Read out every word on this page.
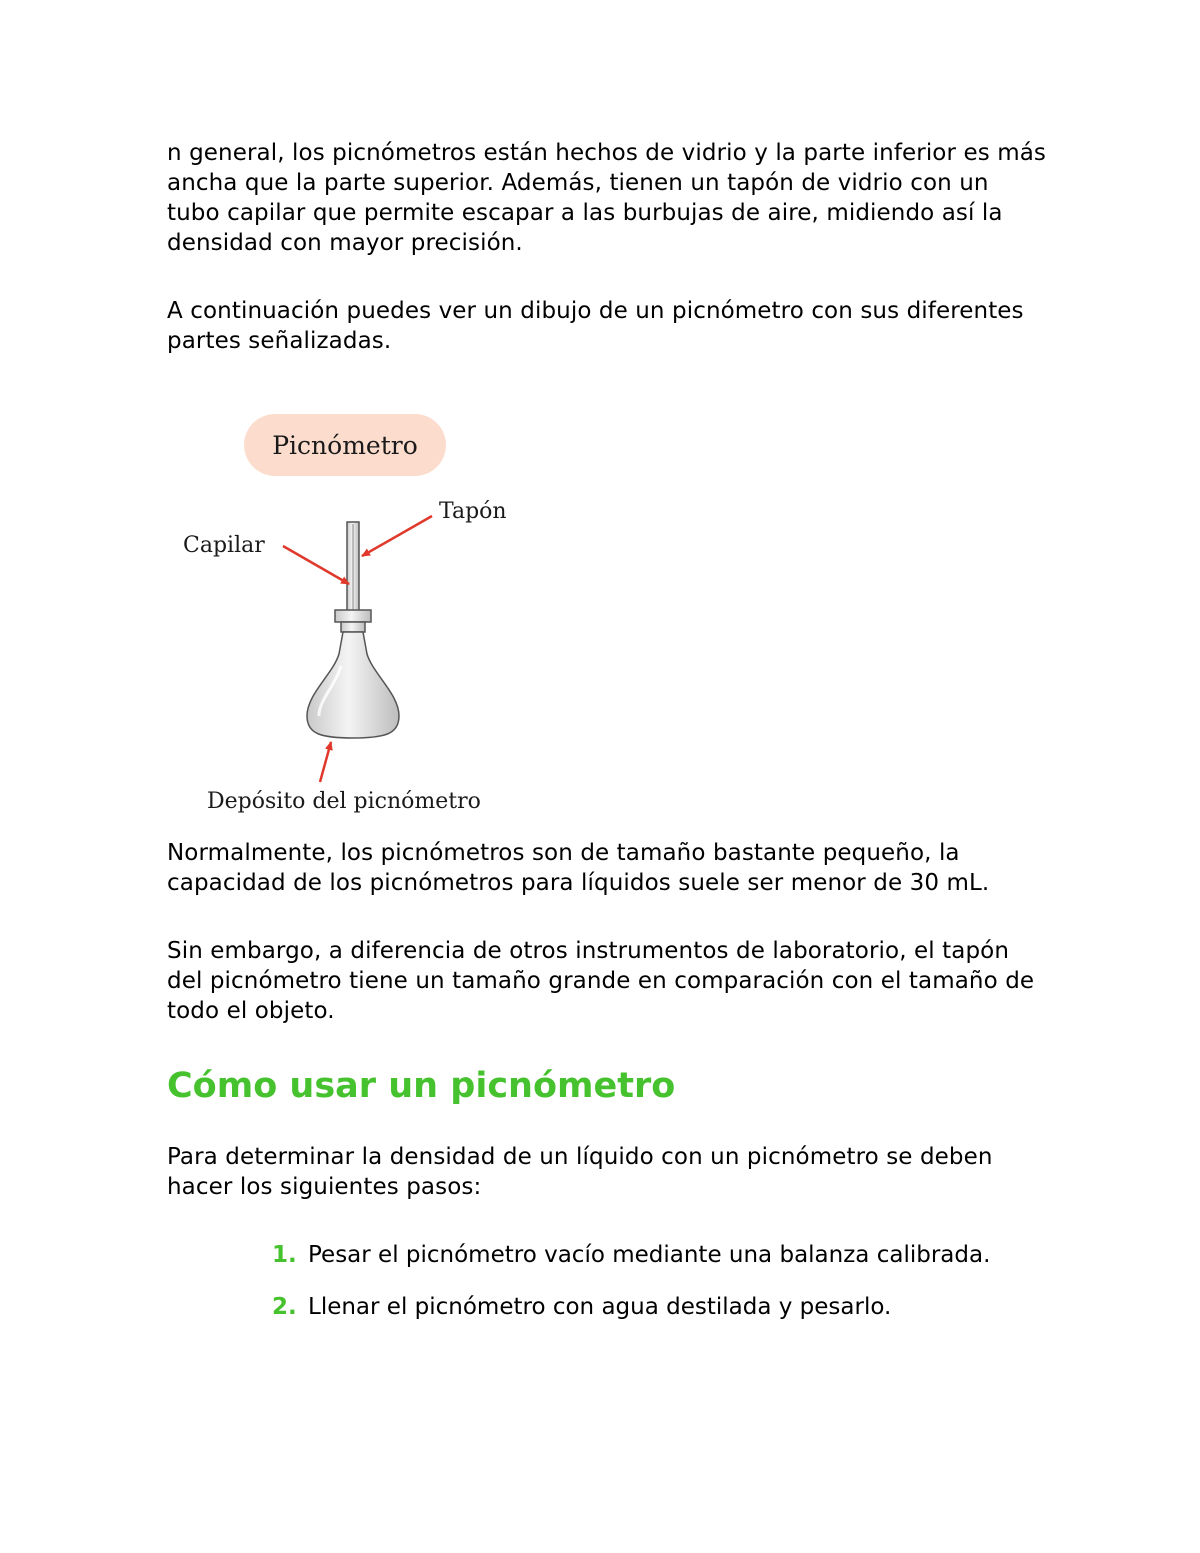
n general, los picnómetros están hechos de vidrio y la parte inferior es más ancha que la parte superior. Además, tienen un tapón de vidrio con un tubo capilar que permite escapar a las burbujas de aire, midiendo así la densidad con mayor precisión.

A continuación puedes ver un dibujo de un picnómetro con sus diferentes partes señalizadas.

Picnómetro
Tapón
Capilar
Depósito del picnómetro

Normalmente, los picnómetros son de tamaño bastante pequeño, la capacidad de los picnómetros para líquidos suele ser menor de 30 mL.

Sin embargo, a diferencia de otros instrumentos de laboratorio, el tapón del picnómetro tiene un tamaño grande en comparación con el tamaño de todo el objeto.

Cómo usar un picnómetro

Para determinar la densidad de un líquido con un picnómetro se deben hacer los siguientes pasos:

1. Pesar el picnómetro vacío mediante una balanza calibrada.
2. Llenar el picnómetro con agua destilada y pesarlo.
